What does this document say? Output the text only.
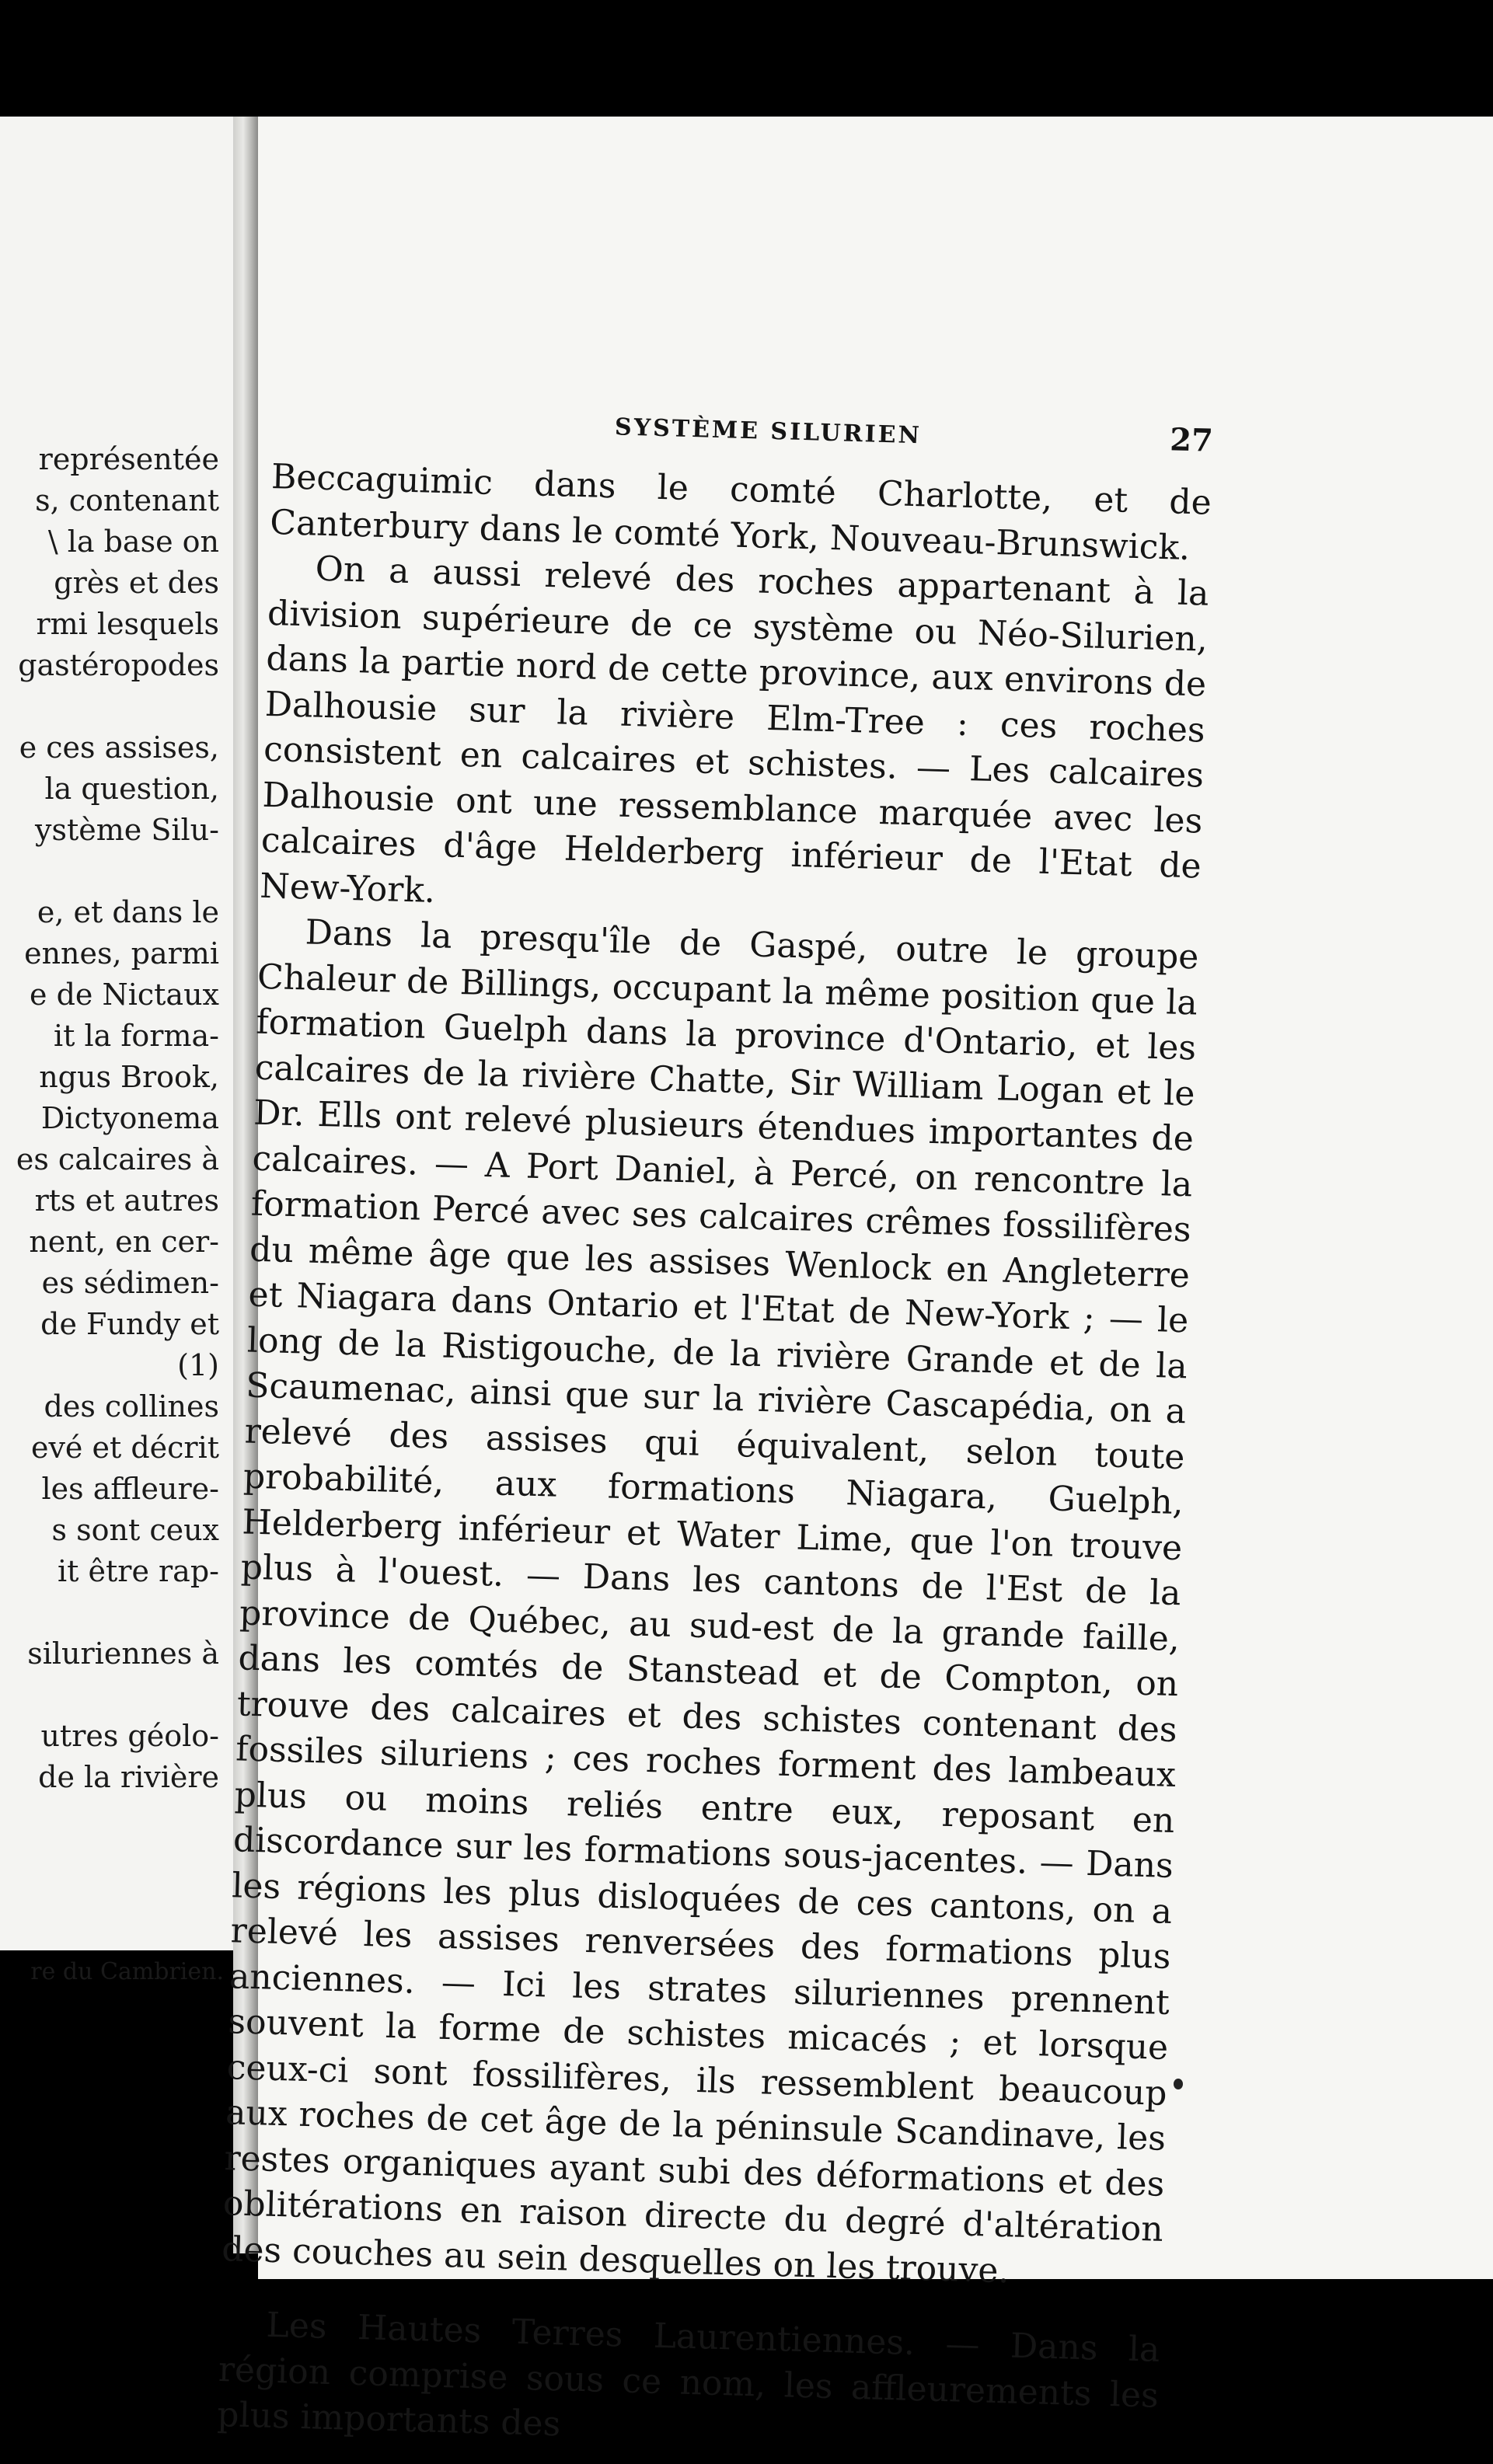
représentée
s, contenant
\ la base on
grès et des
rmi lesquels
gastéropodes
e ces assises,
la question,
ystème Silu-
e, et dans le
ennes, parmi
e de Nictaux
it la forma-
ngus Brook,
Dictyonema
es calcaires à
rts et autres
nent, en cer-
es sédimen-
de Fundy et
(1)
des collines
evé et décrit
les affleure-
s sont ceux
it être rap-
siluriennes à
utres géolo-
de la rivière
re du Cambrien.
SYSTÈME SILURIEN	27

Beccaguimic dans le comté Charlotte, et de Canterbury dans le comté York, Nouveau-Brunswick.

On a aussi relevé des roches appartenant à la division supérieure de ce système ou Néo-Silurien, dans la partie nord de cette province, aux environs de Dalhousie sur la rivière Elm-Tree : ces roches consistent en calcaires et schistes. — Les calcaires Dalhousie ont une ressemblance marquée avec les calcaires d'âge Helderberg inférieur de l'Etat de New-York.

Dans la presqu'île de Gaspé, outre le groupe Chaleur de Billings, occupant la même position que la formation Guelph dans la province d'Ontario, et les calcaires de la rivière Chatte, Sir William Logan et le Dr. Ells ont relevé plusieurs étendues importantes de calcaires. — A Port Daniel, à Percé, on rencontre la formation Percé avec ses calcaires crêmes fossilifères du même âge que les assises Wenlock en Angleterre et Niagara dans Ontario et l'Etat de New-York ; — le long de la Ristigouche, de la rivière Grande et de la Scaumenac, ainsi que sur la rivière Cascapédia, on a relevé des assises qui équivalent, selon toute probabilité, aux formations Niagara, Guelph, Helderberg inférieur et Water Lime, que l'on trouve plus à l'ouest. — Dans les cantons de l'Est de la province de Québec, au sud-est de la grande faille, dans les comtés de Stanstead et de Compton, on trouve des calcaires et des schistes contenant des fossiles siluriens ; ces roches forment des lambeaux plus ou moins reliés entre eux, reposant en discordance sur les formations sous-jacentes. — Dans les régions les plus disloquées de ces cantons, on a relevé les assises renversées des formations plus anciennes. — Ici les strates siluriennes prennent souvent la forme de schistes micacés ; et lorsque ceux-ci sont fossilifères, ils ressemblent beaucoup aux roches de cet âge de la péninsule Scandinave, les restes organiques ayant subi des déformations et des oblitérations en raison directe du degré d'altération des couches au sein desquelles on les trouve.

Les Hautes Terres Laurentiennes. — Dans la région comprise sous ce nom, les affleurements les plus importants des
